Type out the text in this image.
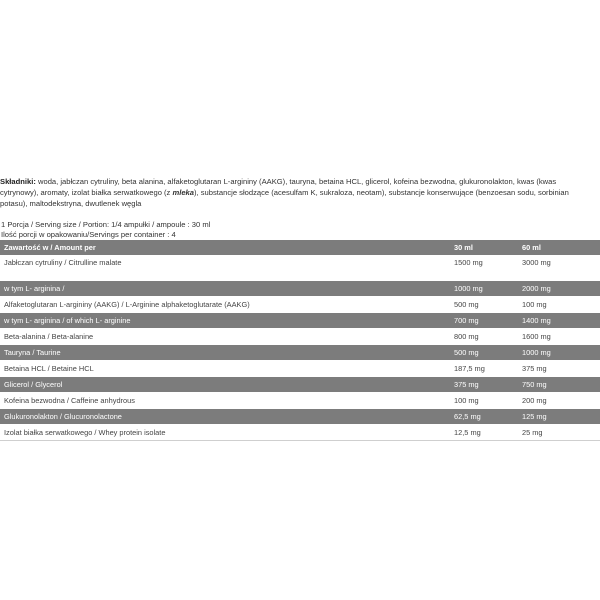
Składniki: woda, jabłczan cytruliny, beta alanina, alfaketoglutaran L-argininy (AAKG), tauryna, betaina HCL, glicerol, kofeina bezwodna, glukuronolakton, kwas (kwas cytrynowy), aromaty, izolat białka serwatkowego (z mleka), substancje słodzące (acesulfam K, sukraloza, neotam), substancje konserwujące (benzoesan sodu, sorbinian potasu), maltodekstryna, dwutlenek węgla

1 Porcja / Serving size / Portion: 1/4 ampułki / ampoule : 30 ml
Ilość porcji w opakowaniu/Servings per container : 4
Zawartość w / Amount per	30 ml	60 ml
Jabłczan cytruliny / Citrulline malate	1500 mg	3000 mg
w tym L- arginina /	1000 mg	2000 mg
Alfaketoglutaran L-argininy (AAKG) / L-Arginine alphaketoglutarate (AAKG)	500 mg	100 mg
w tym L- arginina / of which L- arginine	700 mg	1400 mg
Beta-alanina / Beta-alanine	800 mg	1600 mg
Tauryna / Taurine	500 mg	1000 mg
Betaina HCL / Betaine HCL	187,5 mg	375 mg
Glicerol / Glycerol	375 mg	750 mg
Kofeina bezwodna / Caffeine anhydrous	100 mg	200 mg
Glukuronolakton / Glucuronolactone	62,5 mg	125 mg
Izolat białka serwatkowego / Whey protein isolate	12,5 mg	25 mg
